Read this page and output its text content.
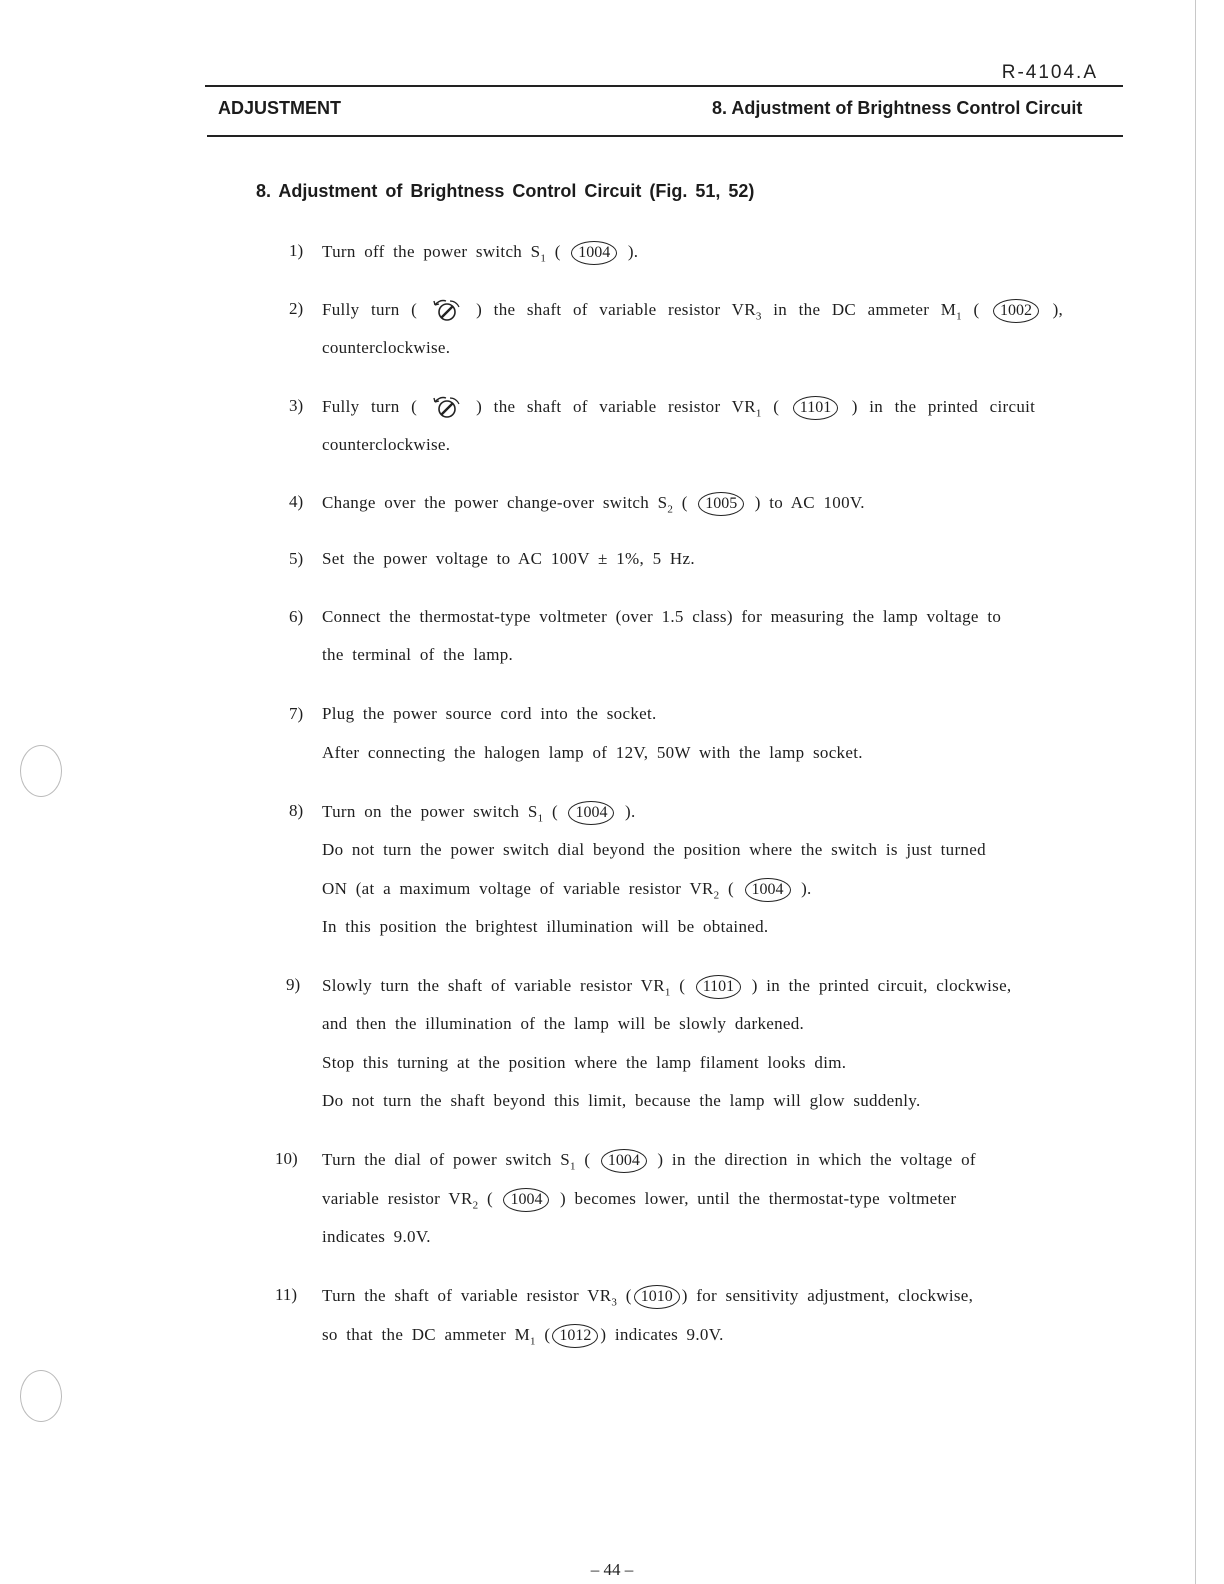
R-4104.A
ADJUSTMENT	8. Adjustment of Brightness Control Circuit
8. Adjustment of Brightness Control Circuit (Fig. 51, 52)
1) Turn off the power switch $S_1$ ( 1004 ).
2) Fully turn (  ) the shaft of variable resistor $VR_3$ in the DC ammeter $M_1$ ( 1002 ),
counterclockwise.
3) Fully turn (  ) the shaft of variable resistor $VR_1$ ( 1101 ) in the printed circuit
counterclockwise.
4) Change over the power change-over switch $S_2$ ( 1005 ) to AC 100V.
5) Set the power voltage to AC 100V ± 1%, 5 Hz.
6) Connect the thermostat-type voltmeter (over 1.5 class) for measuring the lamp voltage to
the terminal of the lamp.
7) Plug the power source cord into the socket.
After connecting the halogen lamp of 12V, 50W with the lamp socket.
8) Turn on the power switch $S_1$ ( 1004 ).
Do not turn the power switch dial beyond the position where the switch is just turned
ON (at a maximum voltage of variable resistor $VR_2$ ( 1004 ).
In this position the brightest illumination will be obtained.
9) Slowly turn the shaft of variable resistor $VR_1$ ( 1101 ) in the printed circuit, clockwise,
and then the illumination of the lamp will be slowly darkened.
Stop this turning at the position where the lamp filament looks dim.
Do not turn the shaft beyond this limit, because the lamp will glow suddenly.
10) Turn the dial of power switch $S_1$ ( 1004 ) in the direction in which the voltage of
variable resistor $VR_2$ ( 1004 ) becomes lower, until the thermostat-type voltmeter
indicates 9.0V.
11) Turn the shaft of variable resistor $VR_3$ ( 1010 ) for sensitivity adjustment, clockwise,
so that the DC ammeter $M_1$ ( 1012 ) indicates 9.0V.
– 44 –
